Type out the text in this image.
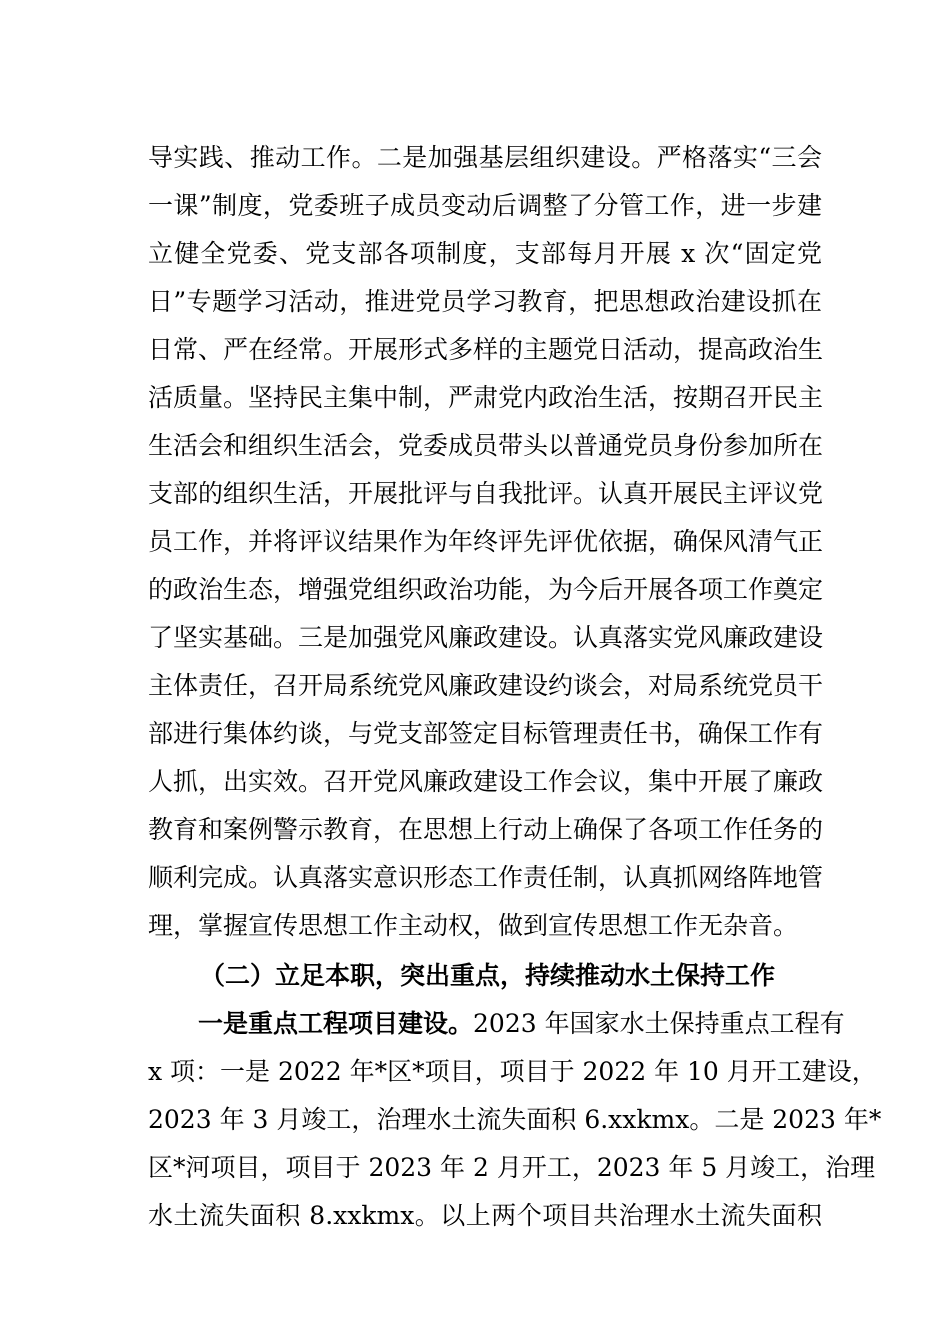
导实践、推动工作。二是加强基层组织建设。严格落实“三会
一课”制度，党委班子成员变动后调整了分管工作，进一步建
立健全党委、党支部各项制度，支部每月开展 x 次“固定党
日”专题学习活动，推进党员学习教育，把思想政治建设抓在
日常、严在经常。开展形式多样的主题党日活动，提高政治生
活质量。坚持民主集中制，严肃党内政治生活，按期召开民主
生活会和组织生活会，党委成员带头以普通党员身份参加所在
支部的组织生活，开展批评与自我批评。认真开展民主评议党
员工作，并将评议结果作为年终评先评优依据，确保风清气正
的政治生态，增强党组织政治功能，为今后开展各项工作奠定
了坚实基础。三是加强党风廉政建设。认真落实党风廉政建设
主体责任，召开局系统党风廉政建设约谈会，对局系统党员干
部进行集体约谈，与党支部签定目标管理责任书，确保工作有
人抓，出实效。召开党风廉政建设工作会议，集中开展了廉政
教育和案例警示教育，在思想上行动上确保了各项工作任务的
顺利完成。认真落实意识形态工作责任制，认真抓网络阵地管
理，掌握宣传思想工作主动权，做到宣传思想工作无杂音。
（二）立足本职，突出重点，持续推动水土保持工作
一是重点工程项目建设。2023 年国家水土保持重点工程有
x 项：一是 2022 年*区*项目，项目于 2022 年 10 月开工建设，
2023 年 3 月竣工，治理水土流失面积 6.xxkmx。二是 2023 年*
区*河项目，项目于 2023 年 2 月开工，2023 年 5 月竣工，治理
水土流失面积 8.xxkmx。以上两个项目共治理水土流失面积
